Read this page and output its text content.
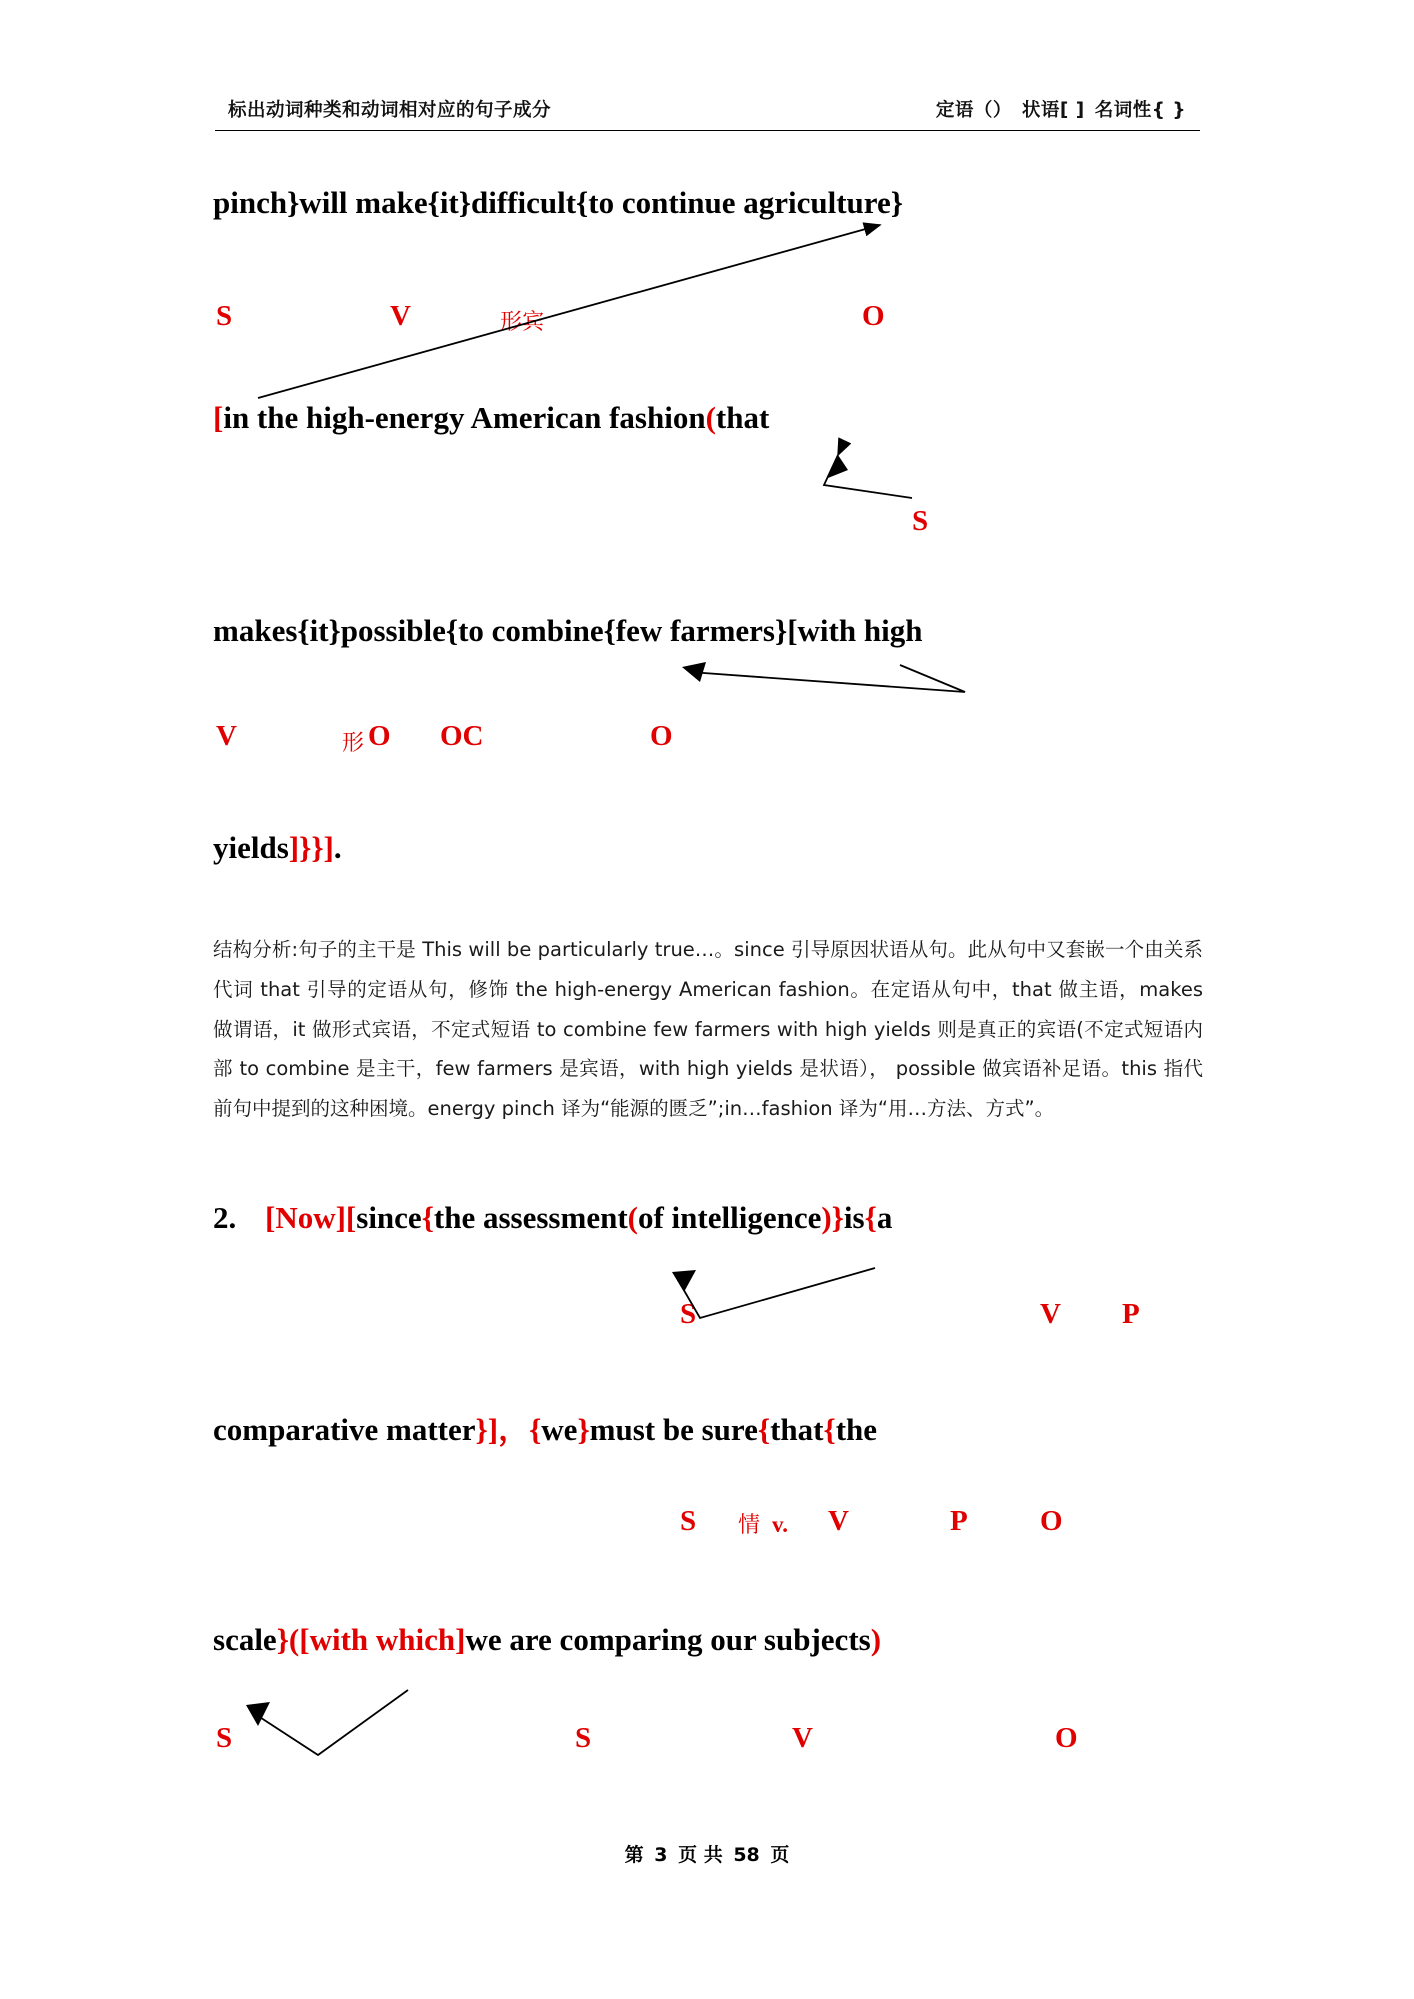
标出动词种类和动词相对应的句子成分	定语（） 状语[ ] 名词性{ }
pinch}will make{it}difficult{to continue agriculture}
S	V	形宾	O
[in the high-energy American fashion(that
S
makes{it}possible{to combine{few farmers}[with high
V	形 O OC	O
yields]}}].
结构分析:句子的主干是 This will be particularly true…。since 引导原因状语从句。此从句中又套嵌一个由关系代词 that 引导的定语从句，修饰 the high-energy American fashion。在定语从句中，that 做主语，makes 做谓语，it 做形式宾语，不定式短语 to combine few farmers with high yields 则是真正的宾语(不定式短语内部 to combine 是主干，few farmers 是宾语，with high yields 是状语）， possible 做宾语补足语。this 指代前句中提到的这种困境。energy pinch 译为“能源的匮乏”;in…fashion 译为“用…方法、方式”。
2. [Now][since{the assessment(of intelligence)}is{a
S	V P
comparative matter}]，{we}must be sure{that{the
S 情 v. V	P O
scale}([with which]we are comparing our subjects)
S	S	V	O
第 3 页 共 58 页
